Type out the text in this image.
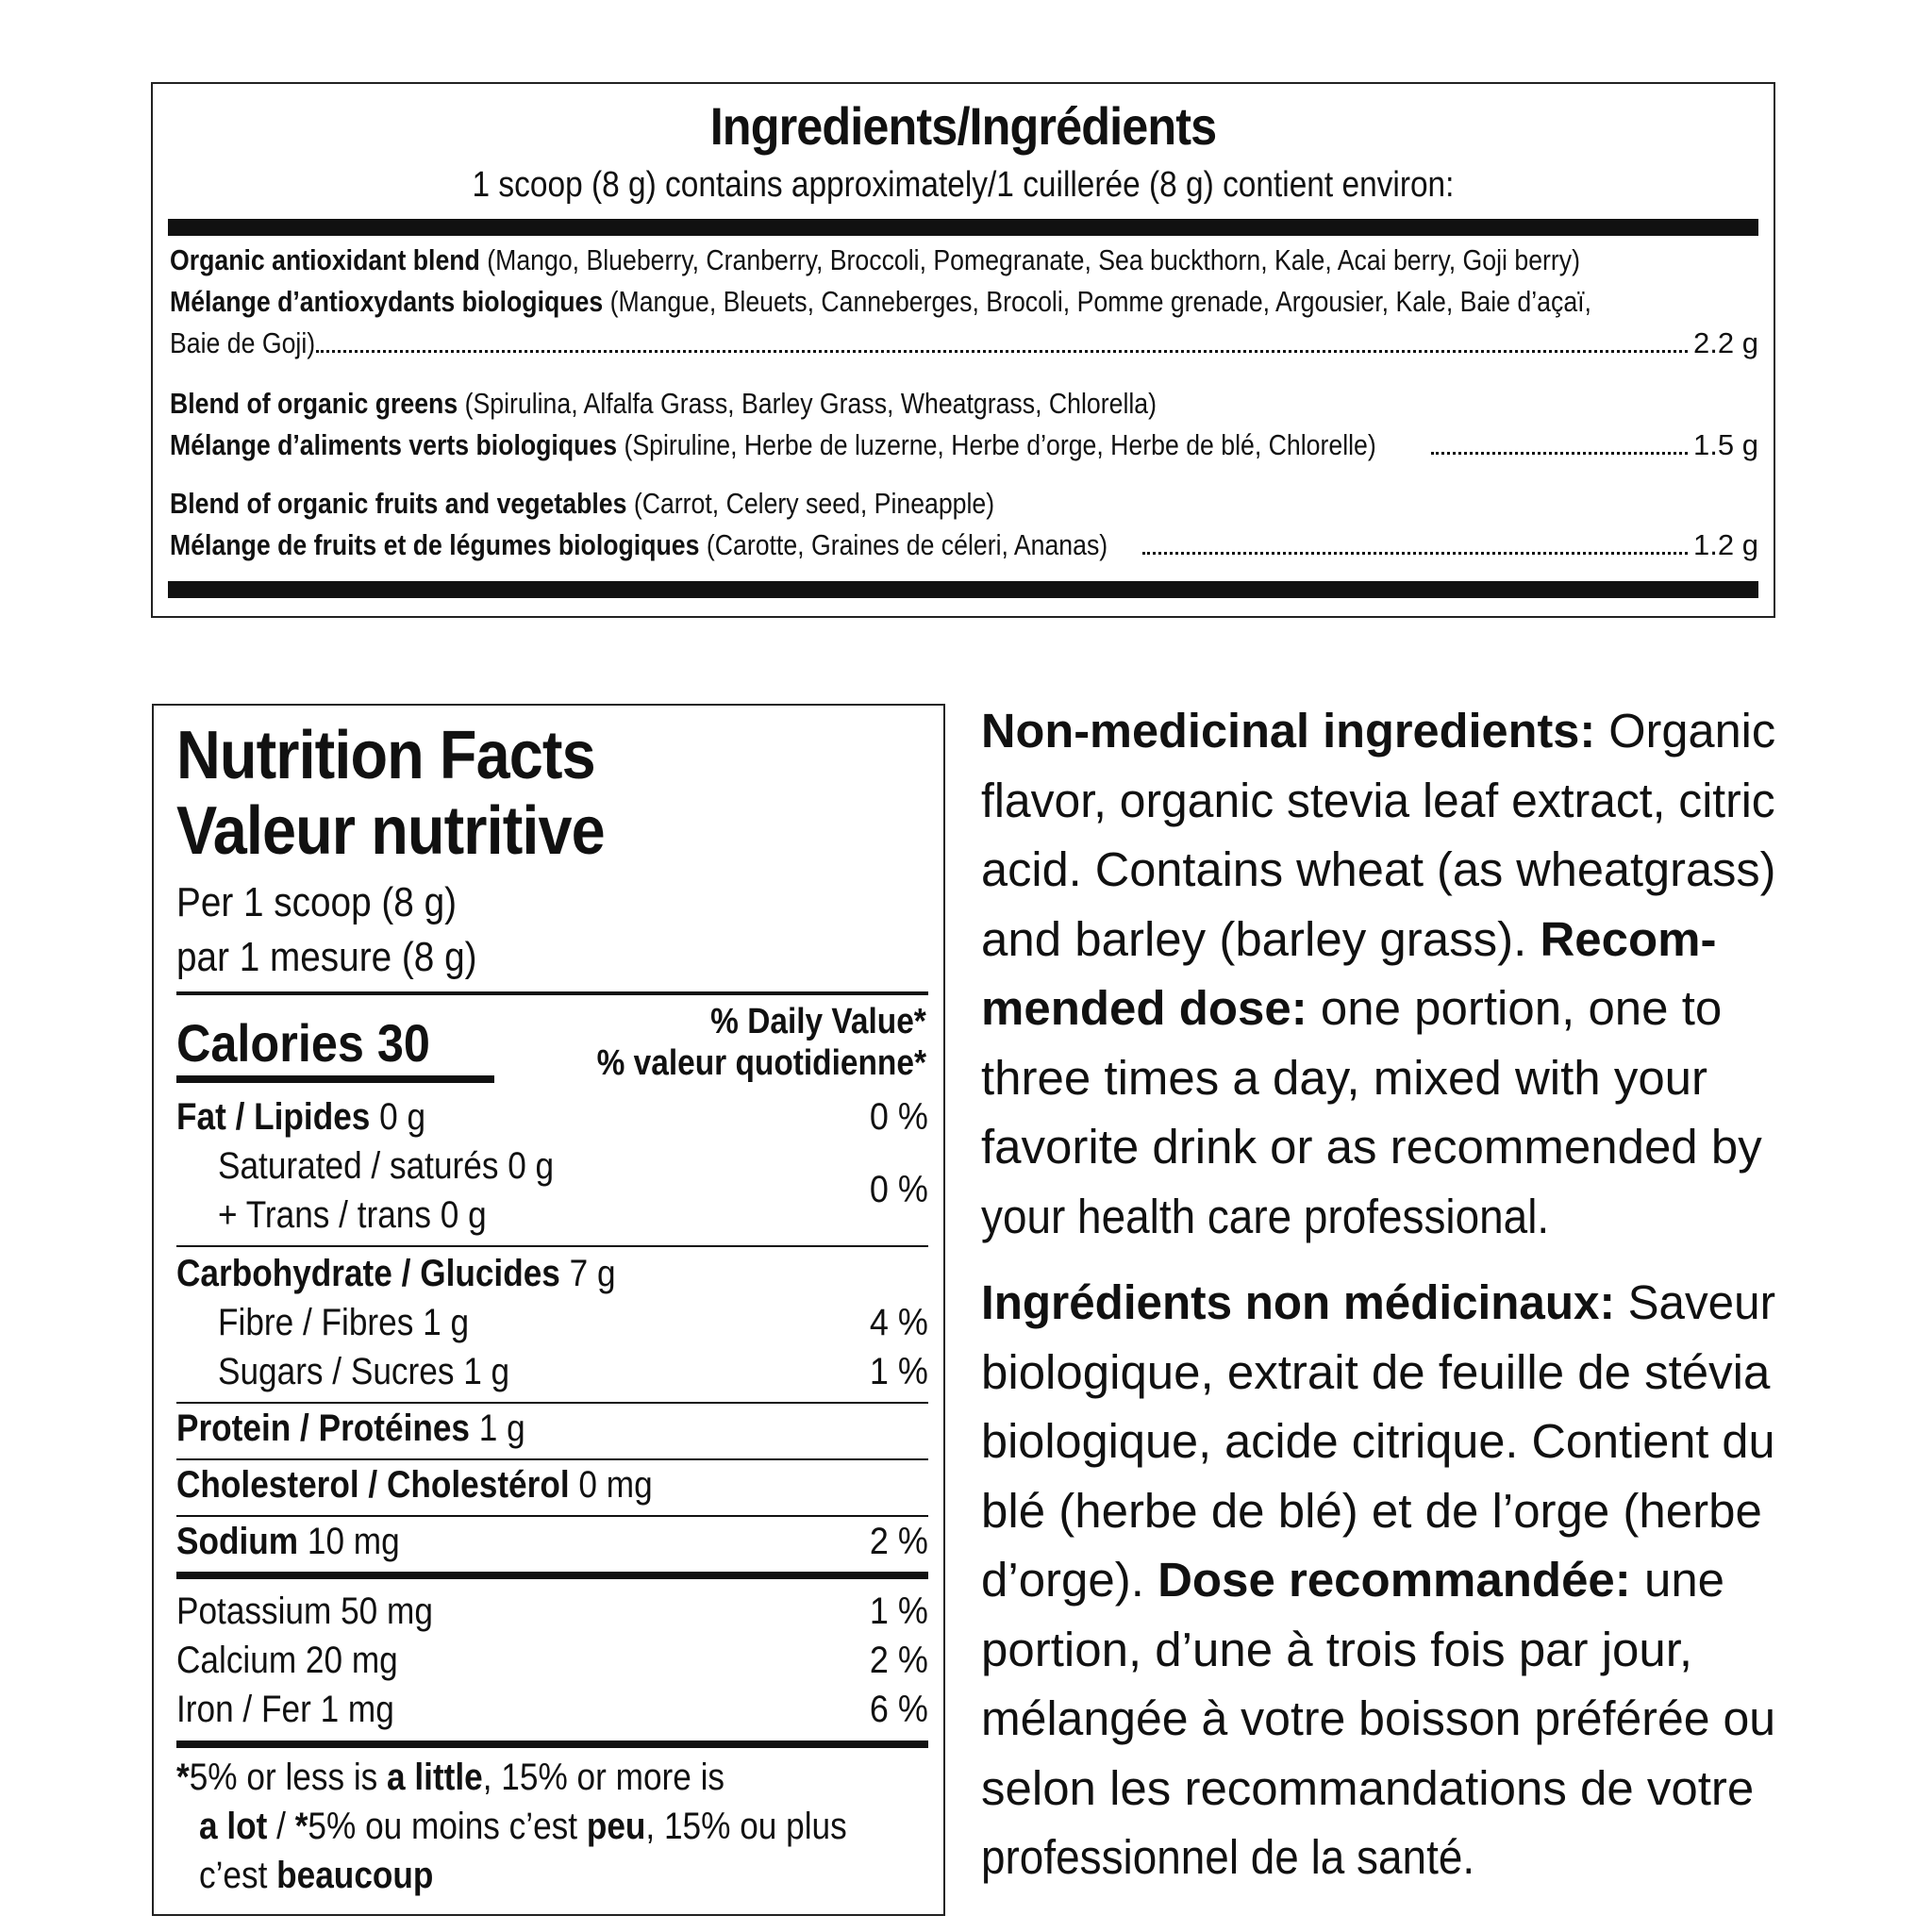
Ingredients/Ingrédients
1 scoop (8 g) contains approximately/1 cuillerée (8 g) contient environ:
Organic antioxidant blend (Mango, Blueberry, Cranberry, Broccoli, Pomegranate, Sea buckthorn, Kale, Acai berry, Goji berry)
Mélange d’antioxydants biologiques (Mangue, Bleuets, Canneberges, Brocoli, Pomme grenade, Argousier, Kale, Baie d’açaï,
Baie de Goji)	2.2 g
Blend of organic greens (Spirulina, Alfalfa Grass, Barley Grass, Wheatgrass, Chlorella)
Mélange d’aliments verts biologiques (Spiruline, Herbe de luzerne, Herbe d’orge, Herbe de blé, Chlorelle)	1.5 g
Blend of organic fruits and vegetables (Carrot, Celery seed, Pineapple)
Mélange de fruits et de légumes biologiques (Carotte, Graines de céleri, Ananas)	1.2 g
Nutrition Facts
Valeur nutritive
Per 1 scoop (8 g)
par 1 mesure (8 g)
Calories 30	% Daily Value*
% valeur quotidienne*
Fat / Lipides 0 g	0 %
Saturated / saturés 0 g
+ Trans / trans 0 g
0 %
Carbohydrate / Glucides 7 g
Fibre / Fibres 1 g	4 %
Sugars / Sucres 1 g	1 %
Protein / Protéines 1 g
Cholesterol / Cholestérol 0 mg
Sodium 10 mg	2 %
Potassium 50 mg	1 %
Calcium 20 mg	2 %
Iron / Fer 1 mg	6 %
*5% or less is a little, 15% or more is
a lot / *5% ou moins c’est peu, 15% ou plus
c’est beaucoup
Non-medicinal ingredients: Organic
flavor, organic stevia leaf extract, citric
acid. Contains wheat (as wheatgrass)
and barley (barley grass). Recom-
mended dose: one portion, one to
three times a day, mixed with your
favorite drink or as recommended by
your health care professional.
Ingrédients non médicinaux: Saveur
biologique, extrait de feuille de stévia
biologique, acide citrique. Contient du
blé (herbe de blé) et de l’orge (herbe
d’orge). Dose recommandée: une
portion, d’une à trois fois par jour,
mélangée à votre boisson préférée ou
selon les recommandations de votre
professionnel de la santé.
